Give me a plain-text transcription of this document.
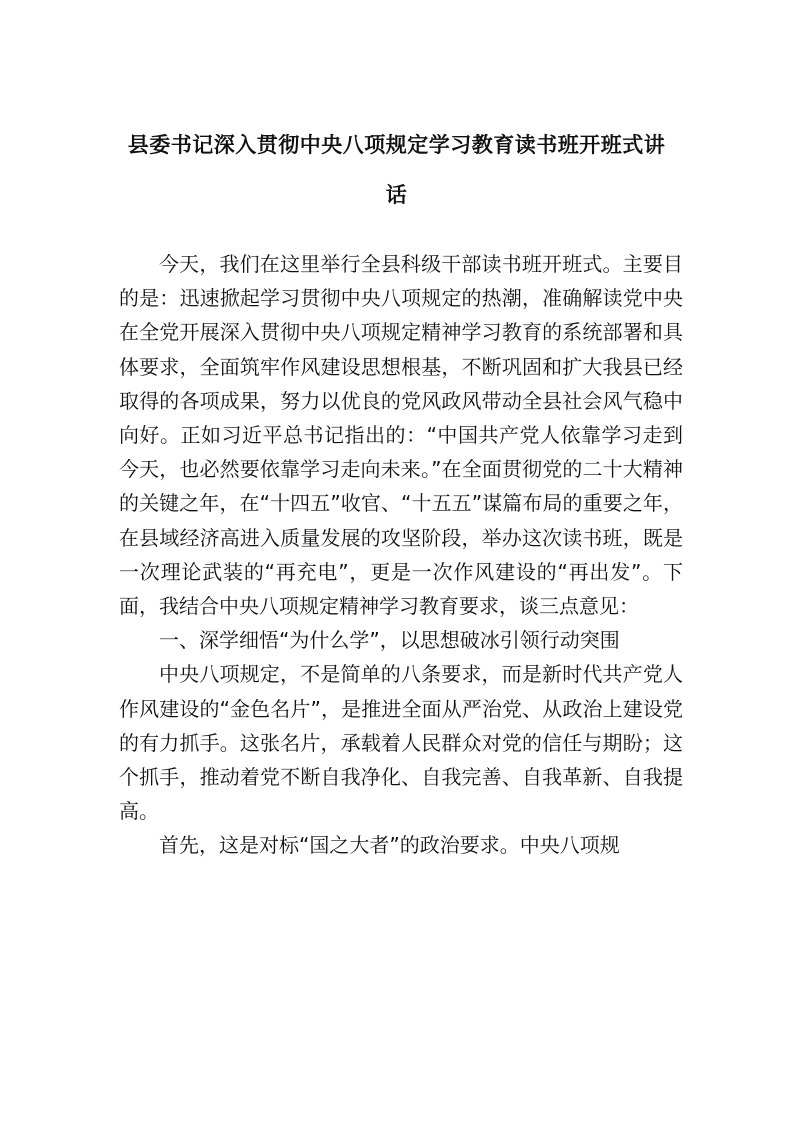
县委书记深入贯彻中央八项规定学习教育读书班开班式讲
话

今天，我们在这里举行全县科级干部读书班开班式。主要目的是：迅速掀起学习贯彻中央八项规定的热潮，准确解读党中央在全党开展深入贯彻中央八项规定精神学习教育的系统部署和具体要求，全面筑牢作风建设思想根基，不断巩固和扩大我县已经取得的各项成果，努力以优良的党风政风带动全县社会风气稳中向好。正如习近平总书记指出的：“中国共产党人依靠学习走到今天，也必然要依靠学习走向未来。”在全面贯彻党的二十大精神的关键之年，在“十四五”收官、“十五五”谋篇布局的重要之年，在县域经济高进入质量发展的攻坚阶段，举办这次读书班，既是一次理论武装的“再充电”，更是一次作风建设的“再出发”。下面，我结合中央八项规定精神学习教育要求，谈三点意见：

一、深学细悟“为什么学”，以思想破冰引领行动突围

中央八项规定，不是简单的八条要求，而是新时代共产党人作风建设的“金色名片”，是推进全面从严治党、从政治上建设党的有力抓手。这张名片，承载着人民群众对党的信任与期盼；这个抓手，推动着党不断自我净化、自我完善、自我革新、自我提高。

首先，这是对标“国之大者”的政治要求。中央八项规
